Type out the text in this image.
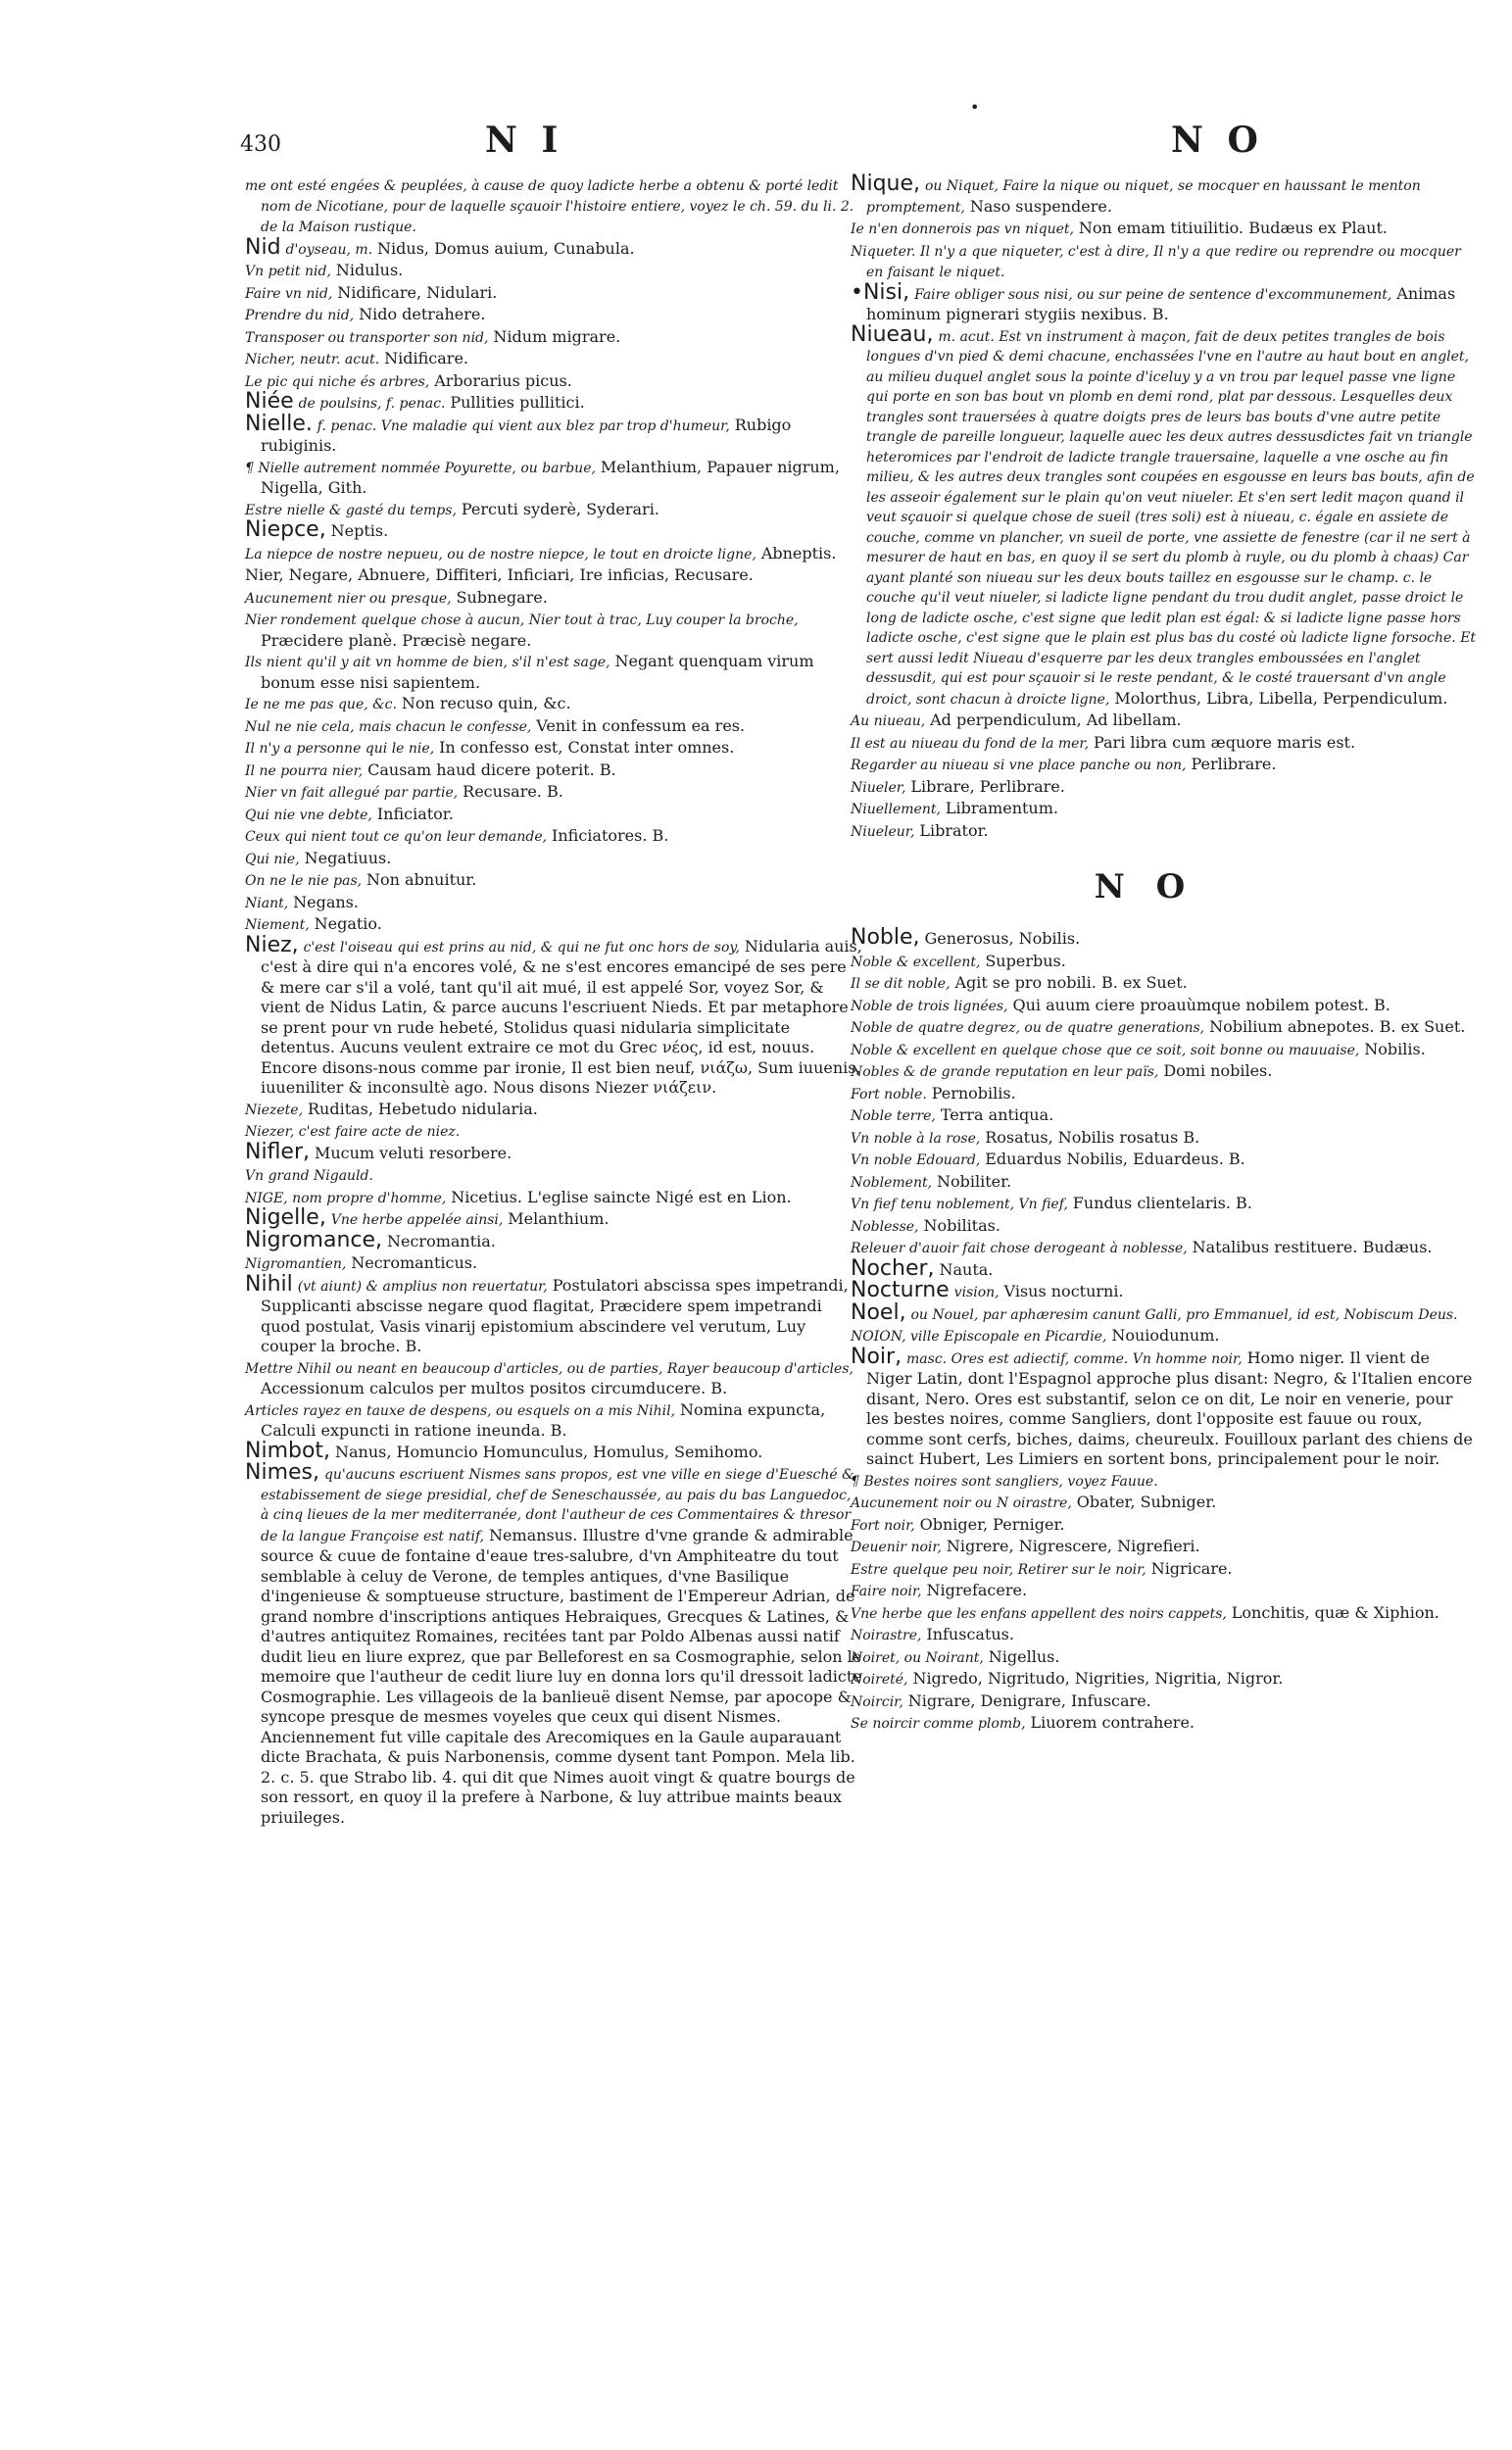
•
430	N I	N O

me ont esté engées & peuplées, à cause de quoy ladicte herbe a obtenu & porté ledit nom de Nicotiane, pour de laquelle sçauoir l'histoire entiere, voyez le ch. 59. du li. 2. de la Maison rustique.

Nid d'oyseau, m. Nidus, Domus auium, Cunabula.

Vn petit nid, Nidulus.

Faire vn nid, Nidificare, Nidulari.

Prendre du nid, Nido detrahere.

Transposer ou transporter son nid, Nidum migrare.

Nicher, neutr. acut. Nidificare.

Le pic qui niche és arbres, Arborarius picus.

Niée de poulsins, f. penac. Pullities pullitici.

Nielle. f. penac. Vne maladie qui vient aux blez par trop d'humeur, Rubigo rubiginis.

¶ Nielle autrement nommée Poyurette, ou barbue, Melanthium, Papauer nigrum, Nigella, Gith.

Estre nielle & gasté du temps, Percuti syderè, Syderari.

Niepce, Neptis.

La niepce de nostre nepueu, ou de nostre niepce, le tout en droicte ligne, Abneptis.

Nier, Negare, Abnuere, Diffiteri, Inficiari, Ire inficias, Recusare.

Aucunement nier ou presque, Subnegare.

Nier rondement quelque chose à aucun, Nier tout à trac, Luy couper la broche, Præcidere planè. Præcisè negare.

Ils nient qu'il y ait vn homme de bien, s'il n'est sage, Negant quenquam virum bonum esse nisi sapientem.

Ie ne me pas que, &c. Non recuso quin, &c.

Nul ne nie cela, mais chacun le confesse, Venit in confessum ea res.

Il n'y a personne qui le nie, In confesso est, Constat inter omnes.

Il ne pourra nier, Causam haud dicere poterit. B.

Nier vn fait allegué par partie, Recusare. B.

Qui nie vne debte, Inficiator.

Ceux qui nient tout ce qu'on leur demande, Inficiatores. B.

Qui nie, Negatiuus.

On ne le nie pas, Non abnuitur.

Niant, Negans.

Niement, Negatio.

Niez, c'est l'oiseau qui est prins au nid, & qui ne fut onc hors de soy, Nidularia auis, c'est à dire qui n'a encores volé, & ne s'est encores emancipé de ses pere & mere car s'il a volé, tant qu'il ait mué, il est appelé Sor, voyez Sor, & vient de Nidus Latin, & parce aucuns l'escriuent Nieds. Et par metaphore se prent pour vn rude hebeté, Stolidus quasi nidularia simplicitate detentus. Aucuns veulent extraire ce mot du Grec νέος, id est, nouus. Encore disons-nous comme par ironie, Il est bien neuf, νιάζω, Sum iuuenis, iuueniliter & inconsultè ago. Nous disons Niezer νιάζειν.

Niezete, Ruditas, Hebetudo nidularia.

Niezer, c'est faire acte de niez.

Nifler, Mucum veluti resorbere.

Vn grand Nigauld.

NIGE, nom propre d'homme, Nicetius. L'eglise saincte Nigé est en Lion.

Nigelle, Vne herbe appelée ainsi, Melanthium.

Nigromance, Necromantia.

Nigromantien, Necromanticus.

Nihil (vt aiunt) & amplius non reuertatur, Postulatori abscissa spes impetrandi, Supplicanti abscisse negare quod flagitat, Præcidere spem impetrandi quod postulat, Vasis vinarij epistomium abscindere vel verutum, Luy couper la broche. B.

Mettre Nihil ou neant en beaucoup d'articles, ou de parties, Rayer beaucoup d'articles, Accessionum calculos per multos positos circumducere. B.

Articles rayez en tauxe de despens, ou esquels on a mis Nihil, Nomina expuncta, Calculi expuncti in ratione ineunda. B.

Nimbot, Nanus, Homuncio Homunculus, Homulus, Semihomo.

Nimes, qu'aucuns escriuent Nismes sans propos, est vne ville en siege d'Euesché & estabissement de siege presidial, chef de Seneschaussée, au pais du bas Languedoc, à cinq lieues de la mer mediterranée, dont l'autheur de ces Commentaires & thresor de la langue Françoise est natif, Nemansus. Illustre d'vne grande & admirable source & cuue de fontaine d'eaue tres-salubre, d'vn Amphiteatre du tout semblable à celuy de Verone, de temples antiques, d'vne Basilique d'ingenieuse & somptueuse structure, bastiment de l'Empereur Adrian, de grand nombre d'inscriptions antiques Hebraiques, Grecques & Latines, & d'autres antiquitez Romaines, recitées tant par Poldo Albenas aussi natif dudit lieu en liure exprez, que par Belleforest en sa Cosmographie, selon le memoire que l'autheur de cedit liure luy en donna lors qu'il dressoit ladicte Cosmographie. Les villageois de la banlieuë disent Nemse, par apocope & syncope presque de mesmes voyeles que ceux qui disent Nismes. Anciennement fut ville capitale des Arecomiques en la Gaule auparauant dicte Brachata, & puis Narbonensis, comme dysent tant Pompon. Mela lib. 2. c. 5. que Strabo lib. 4. qui dit que Nimes auoit vingt & quatre bourgs de son ressort, en quoy il la prefere à Narbone, & luy attribue maints beaux priuileges.

Nique, ou Niquet, Faire la nique ou niquet, se mocquer en haussant le menton promptement, Naso suspendere.

Ie n'en donnerois pas vn niquet, Non emam titiuilitio. Budæus ex Plaut.

Niqueter. Il n'y a que niqueter, c'est à dire, Il n'y a que redire ou reprendre ou mocquer en faisant le niquet.

•Nisi, Faire obliger sous nisi, ou sur peine de sentence d'excommunement, Animas hominum pignerari stygiis nexibus. B.

Niueau, m. acut. Est vn instrument à maçon, fait de deux petites trangles de bois longues d'vn pied & demi chacune, enchassées l'vne en l'autre au haut bout en anglet, au milieu duquel anglet sous la pointe d'iceluy y a vn trou par lequel passe vne ligne qui porte en son bas bout vn plomb en demi rond, plat par dessous. Lesquelles deux trangles sont trauersées à quatre doigts pres de leurs bas bouts d'vne autre petite trangle de pareille longueur, laquelle auec les deux autres dessusdictes fait vn triangle heteromices par l'endroit de ladicte trangle trauersaine, laquelle a vne osche au fin milieu, & les autres deux trangles sont coupées en esgousse en leurs bas bouts, afin de les asseoir également sur le plain qu'on veut niueler. Et s'en sert ledit maçon quand il veut sçauoir si quelque chose de sueil (tres soli) est à niueau, c. égale en assiete de couche, comme vn plancher, vn sueil de porte, vne assiette de fenestre (car il ne sert à mesurer de haut en bas, en quoy il se sert du plomb à ruyle, ou du plomb à chaas) Car ayant planté son niueau sur les deux bouts taillez en esgousse sur le champ. c. le couche qu'il veut niueler, si ladicte ligne pendant du trou dudit anglet, passe droict le long de ladicte osche, c'est signe que ledit plan est égal: & si ladicte ligne passe hors ladicte osche, c'est signe que le plain est plus bas du costé où ladicte ligne forsoche. Et sert aussi ledit Niueau d'esquerre par les deux trangles emboussées en l'anglet dessusdit, qui est pour sçauoir si le reste pendant, & le costé trauersant d'vn angle droict, sont chacun à droicte ligne, Molorthus, Libra, Libella, Perpendiculum.

Au niueau, Ad perpendiculum, Ad libellam.

Il est au niueau du fond de la mer, Pari libra cum æquore maris est.

Regarder au niueau si vne place panche ou non, Perlibrare.

Niueler, Librare, Perlibrare.

Niuellement, Libramentum.

Niueleur, Librator.

N O

Noble, Generosus, Nobilis.

Noble & excellent, Superbus.

Il se dit noble, Agit se pro nobili. B. ex Suet.

Noble de trois lignées, Qui auum ciere proauùmque nobilem potest. B.

Noble de quatre degrez, ou de quatre generations, Nobilium abnepotes. B. ex Suet.

Noble & excellent en quelque chose que ce soit, soit bonne ou mauuaise, Nobilis.

Nobles & de grande reputation en leur païs, Domi nobiles.

Fort noble. Pernobilis.

Noble terre, Terra antiqua.

Vn noble à la rose, Rosatus, Nobilis rosatus B.

Vn noble Edouard, Eduardus Nobilis, Eduardeus. B.

Noblement, Nobiliter.

Vn fief tenu noblement, Vn fief, Fundus clientelaris. B.

Noblesse, Nobilitas.

Releuer d'auoir fait chose derogeant à noblesse, Natalibus restituere. Budæus.

Nocher, Nauta.

Nocturne vision, Visus nocturni.

Noel, ou Nouel, par aphæresim canunt Galli, pro Emmanuel, id est, Nobiscum Deus.

NOION, ville Episcopale en Picardie, Nouiodunum.

Noir, masc. Ores est adiectif, comme. Vn homme noir, Homo niger. Il vient de Niger Latin, dont l'Espagnol approche plus disant: Negro, & l'Italien encore disant, Nero. Ores est substantif, selon ce on dit, Le noir en venerie, pour les bestes noires, comme Sangliers, dont l'opposite est fauue ou roux, comme sont cerfs, biches, daims, cheureulx. Fouilloux parlant des chiens de sainct Hubert, Les Limiers en sortent bons, principalement pour le noir.

¶ Bestes noires sont sangliers, voyez Fauue.

Aucunement noir ou N oirastre, Obater, Subniger.

Fort noir, Obniger, Perniger.

Deuenir noir, Nigrere, Nigrescere, Nigrefieri.

Estre quelque peu noir, Retirer sur le noir, Nigricare.

Faire noir, Nigrefacere.

Vne herbe que les enfans appellent des noirs cappets, Lonchitis, quæ & Xiphion.

Noirastre, Infuscatus.

Noiret, ou Noirant, Nigellus.

Noireté, Nigredo, Nigritudo, Nigrities, Nigritia, Nigror.

Noircir, Nigrare, Denigrare, Infuscare.

Se noircir comme plomb, Liuorem contrahere.
